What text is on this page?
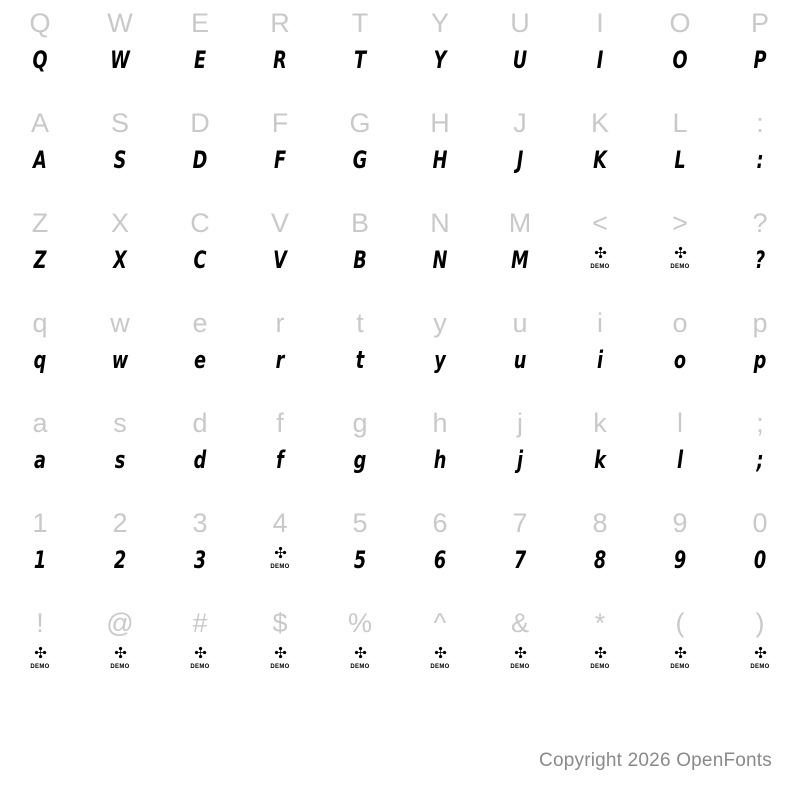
Q
Q
W
W
E
E
R
R
T
T
Y
Y
U
U
I
I
O
O
P
P
A
A
S
S
D
D
F
F
G
G
H
H
J
J
K
K
L
L
:
:
Z
Z
X
X
C
C
V
V
B
B
N
N
M
M
<
✣
DEMO
>
✣
DEMO
?
?
q
q
w
w
e
e
r
r
t
t
y
y
u
u
i
i
o
o
p
p
a
a
s
s
d
d
f
f
g
g
h
h
j
j
k
k
l
l
;
;
1
1
2
2
3
3
4
✣
DEMO
5
5
6
6
7
7
8
8
9
9
0
0
!
✣
DEMO
@
✣
DEMO
#
✣
DEMO
$
✣
DEMO
%
✣
DEMO
^
✣
DEMO
&
✣
DEMO
*
✣
DEMO
(
✣
DEMO
)
✣
DEMO
Copyright 2026 OpenFonts
